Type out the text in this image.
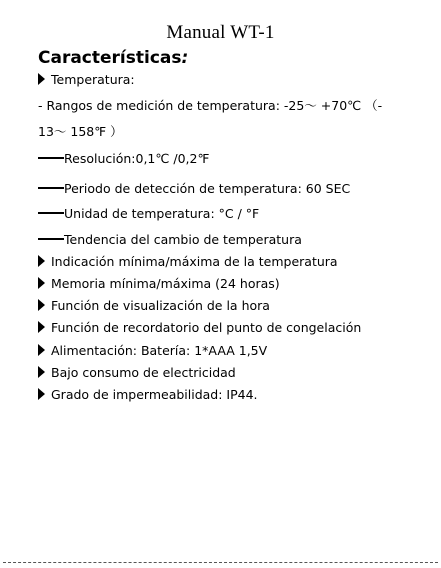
Manual WT-1
Características:
Temperatura:
- Rangos de medición de temperatura: -25～ +70℃ （-
13～ 158℉ ）
Resolución:0,1℃ /0,2℉
Periodo de detección de temperatura: 60 SEC
Unidad de temperatura: °C / °F
Tendencia del cambio de temperatura
Indicación mínima/máxima de la temperatura
Memoria mínima/máxima (24 horas)
Función de visualización de la hora
Función de recordatorio del punto de congelación
Alimentación: Batería: 1*AAA 1,5V
Bajo consumo de electricidad
Grado de impermeabilidad: IP44.
